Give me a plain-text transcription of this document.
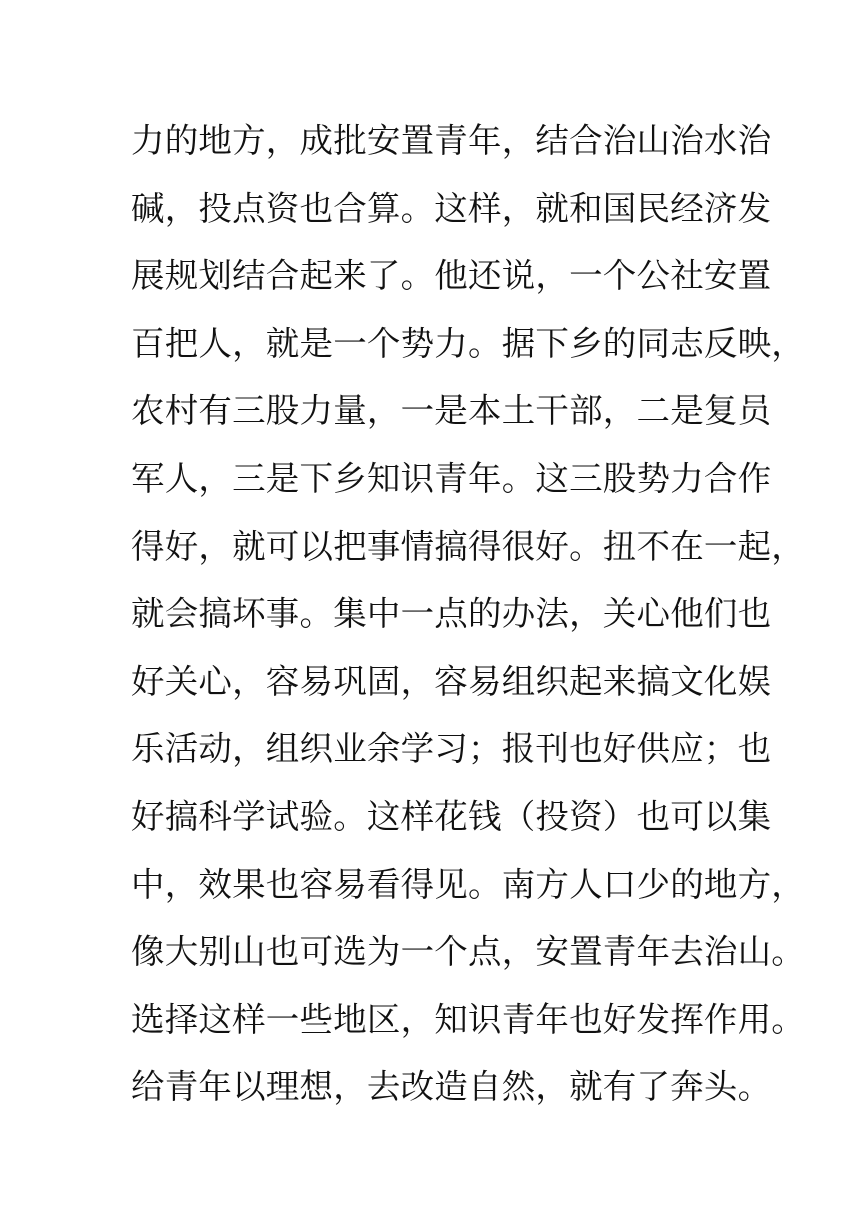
力的地方，成批安置青年，结合治山治水治
碱，投点资也合算。这样，就和国民经济发
展规划结合起来了。他还说，一个公社安置
百把人，就是一个势力。据下乡的同志反映，
农村有三股力量，一是本土干部，二是复员
军人，三是下乡知识青年。这三股势力合作
得好，就可以把事情搞得很好。扭不在一起，
就会搞坏事。集中一点的办法，关心他们也
好关心，容易巩固，容易组织起来搞文化娱
乐活动，组织业余学习；报刊也好供应；也
好搞科学试验。这样花钱（投资）也可以集
中，效果也容易看得见。南方人口少的地方，
像大别山也可选为一个点，安置青年去治山。
选择这样一些地区，知识青年也好发挥作用。
给青年以理想，去改造自然，就有了奔头。
